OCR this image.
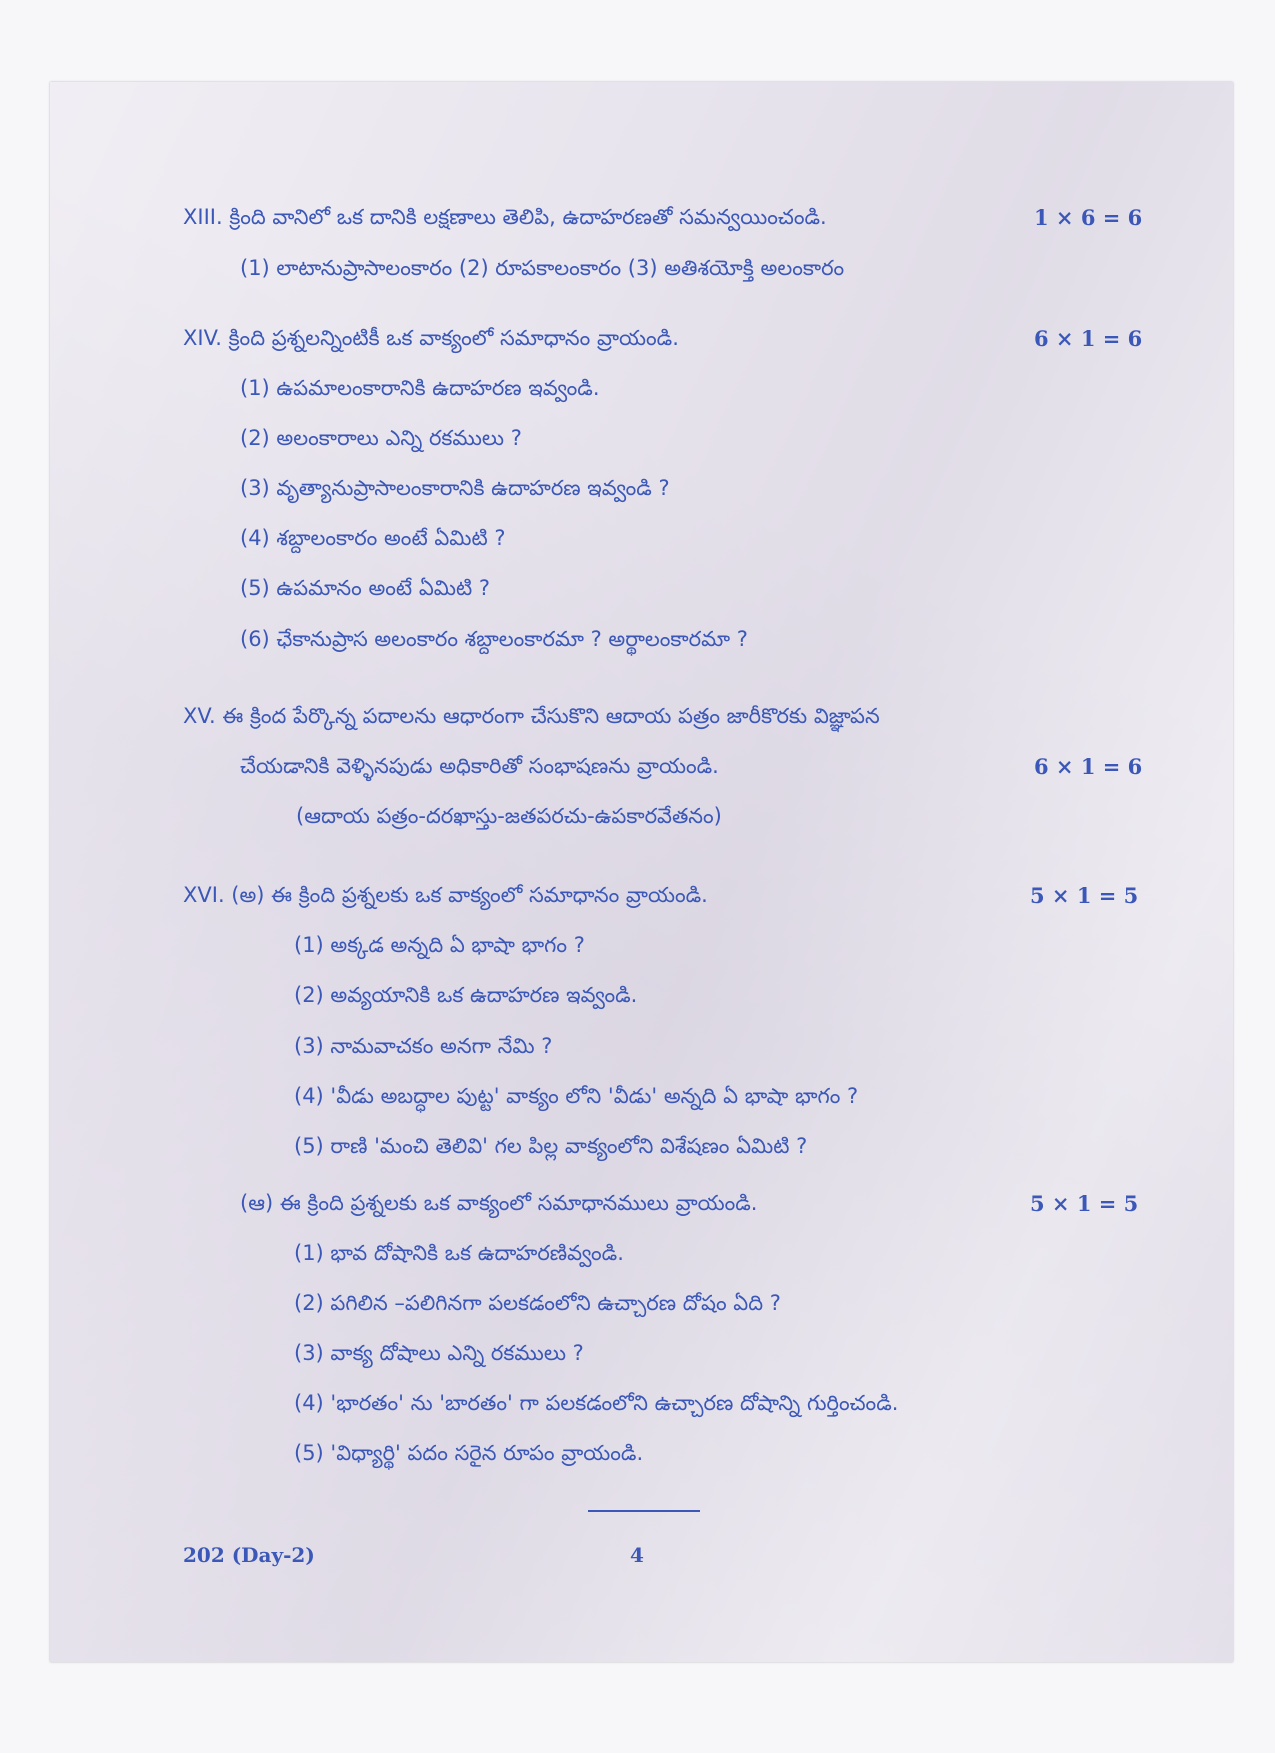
XIII. క్రింది వానిలో ఒక దానికి లక్షణాలు తెలిపి, ఉదాహరణతో సమన్వయించండి.	1 × 6 = 6
(1) లాటానుప్రాసాలంకారం (2) రూపకాలంకారం (3) అతిశయోక్తి అలంకారం
XIV. క్రింది ప్రశ్నలన్నింటికీ ఒక వాక్యంలో సమాధానం వ్రాయండి.	6 × 1 = 6
(1) ఉపమాలంకారానికి ఉదాహరణ ఇవ్వండి.
(2) అలంకారాలు ఎన్ని రకములు ?
(3) వృత్యానుప్రాసాలంకారానికి ఉదాహరణ ఇవ్వండి ?
(4) శబ్దాలంకారం అంటే ఏమిటి ?
(5) ఉపమానం అంటే ఏమిటి ?
(6) ఛేకానుప్రాస అలంకారం శబ్దాలంకారమా ? అర్థాలంకారమా ?
XV. ఈ క్రింద పేర్కొన్న పదాలను ఆధారంగా చేసుకొని ఆదాయ పత్రం జారీకొరకు విజ్ఞాపన
చేయడానికి వెళ్ళినపుడు అధికారితో సంభాషణను వ్రాయండి.	6 × 1 = 6
(ఆదాయ పత్రం-దరఖాస్తు-జతపరచు-ఉపకారవేతనం)
XVI. (అ) ఈ క్రింది ప్రశ్నలకు ఒక వాక్యంలో సమాధానం వ్రాయండి.	5 × 1 = 5
(1) అక్కడ అన్నది ఏ భాషా భాగం ?
(2) అవ్యయానికి ఒక ఉదాహరణ ఇవ్వండి.
(3) నామవాచకం అనగా నేమి ?
(4) 'వీడు అబద్ధాల పుట్ట' వాక్యం లోని 'వీడు' అన్నది ఏ భాషా భాగం ?
(5) రాణి 'మంచి తెలివి' గల పిల్ల వాక్యంలోని విశేషణం ఏమిటి ?
(ఆ) ఈ క్రింది ప్రశ్నలకు ఒక వాక్యంలో సమాధానములు వ్రాయండి.	5 × 1 = 5
(1) భావ దోషానికి ఒక ఉదాహరణివ్వండి.
(2) పగిలిన –పలిగినగా పలకడంలోని ఉచ్చారణ దోషం ఏది ?
(3) వాక్య దోషాలు ఎన్ని రకములు ?
(4) 'భారతం' ను 'బారతం' గా పలకడంలోని ఉచ్చారణ దోషాన్ని గుర్తించండి.
(5) 'విధ్యార్థి' పదం సరైన రూపం వ్రాయండి.
202 (Day-2)	4
